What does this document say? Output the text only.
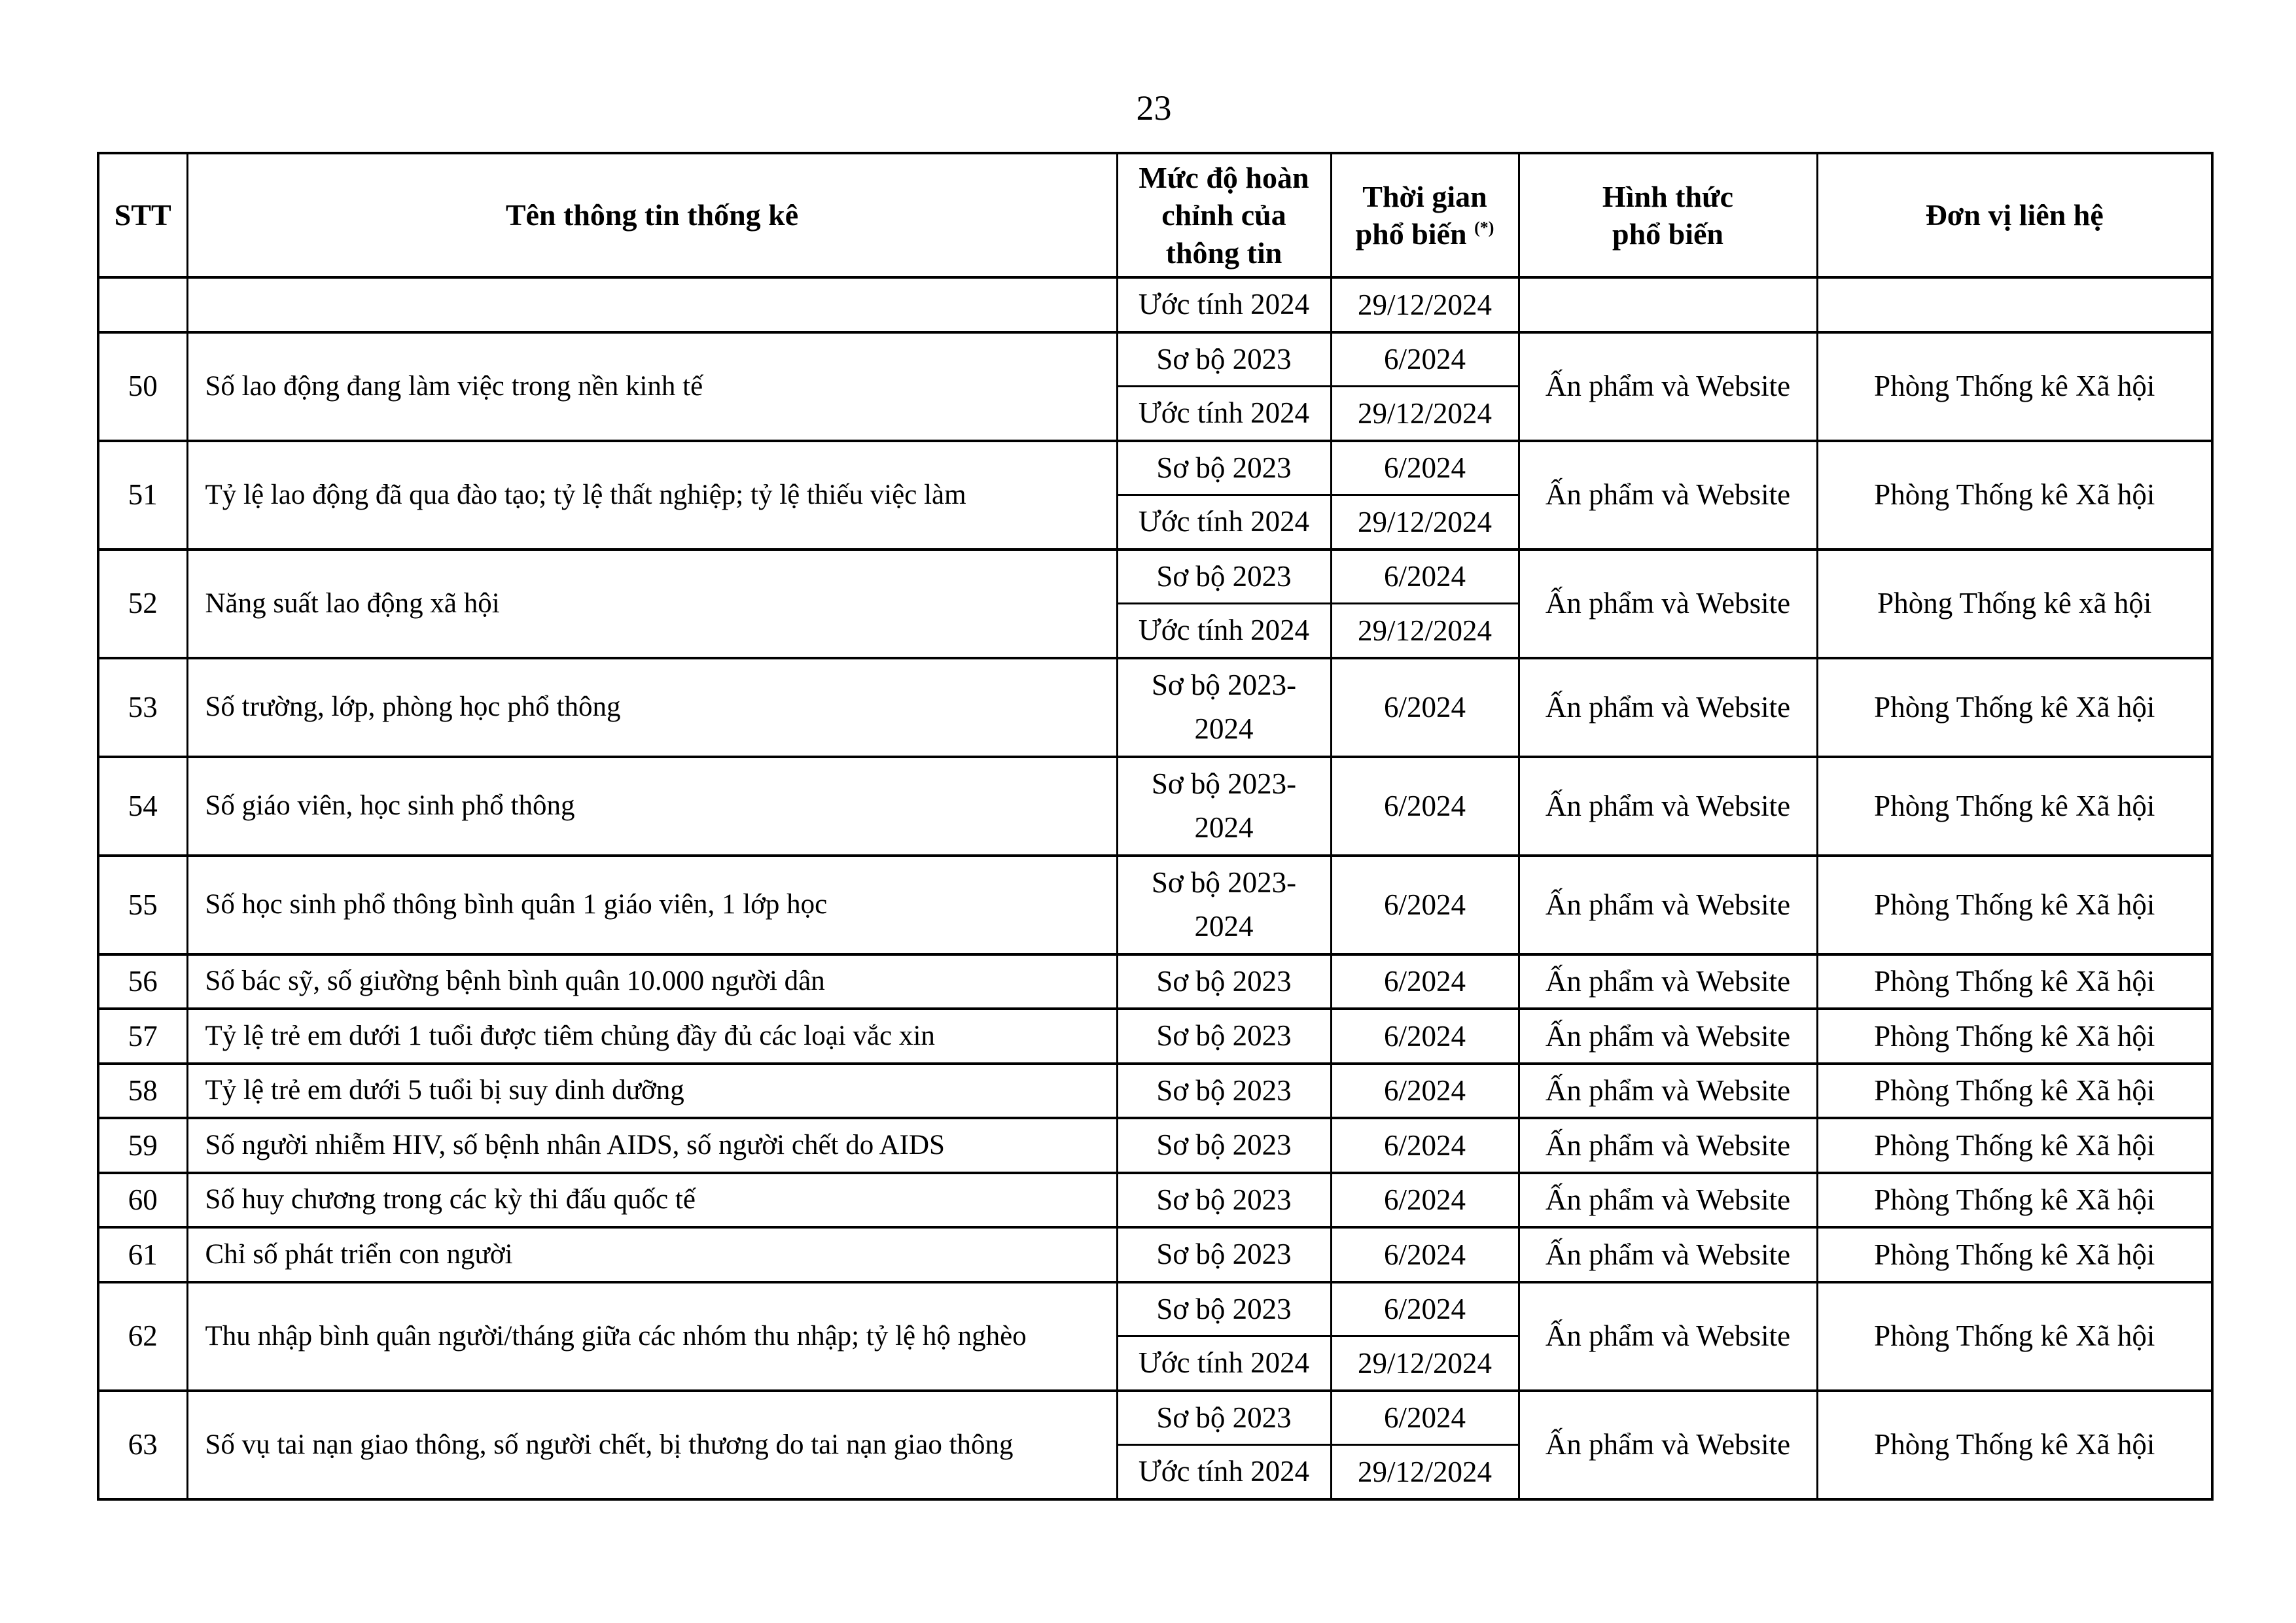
23
STT	Tên thông tin thống kê	Mức độ hoàn chỉnh của thông tin	Thời gian phổ biến (*)	Hình thức phổ biến	Đơn vị liên hệ
		Ước tính 2024	29/12/2024		
50	Số lao động đang làm việc trong nền kinh tế	Sơ bộ 2023	6/2024	Ấn phẩm và Website	Phòng Thống kê Xã hội
		Ước tính 2024	29/12/2024		
51	Tỷ lệ lao động đã qua đào tạo; tỷ lệ thất nghiệp; tỷ lệ thiếu việc làm	Sơ bộ 2023	6/2024	Ấn phẩm và Website	Phòng Thống kê Xã hội
		Ước tính 2024	29/12/2024		
52	Năng suất lao động xã hội	Sơ bộ 2023	6/2024	Ấn phẩm và Website	Phòng Thống kê xã hội
		Ước tính 2024	29/12/2024		
53	Số trường, lớp, phòng học phổ thông	Sơ bộ 2023-2024	6/2024	Ấn phẩm và Website	Phòng Thống kê Xã hội
54	Số giáo viên, học sinh phổ thông	Sơ bộ 2023-2024	6/2024	Ấn phẩm và Website	Phòng Thống kê Xã hội
55	Số học sinh phổ thông bình quân 1 giáo viên, 1 lớp học	Sơ bộ 2023-2024	6/2024	Ấn phẩm và Website	Phòng Thống kê Xã hội
56	Số bác sỹ, số giường bệnh bình quân 10.000 người dân	Sơ bộ 2023	6/2024	Ấn phẩm và Website	Phòng Thống kê Xã hội
57	Tỷ lệ trẻ em dưới 1 tuổi được tiêm chủng đầy đủ các loại vắc xin	Sơ bộ 2023	6/2024	Ấn phẩm và Website	Phòng Thống kê Xã hội
58	Tỷ lệ trẻ em dưới 5 tuổi bị suy dinh dưỡng	Sơ bộ 2023	6/2024	Ấn phẩm và Website	Phòng Thống kê Xã hội
59	Số người nhiễm HIV, số bệnh nhân AIDS, số người chết do AIDS	Sơ bộ 2023	6/2024	Ấn phẩm và Website	Phòng Thống kê Xã hội
60	Số huy chương trong các kỳ thi đấu quốc tế	Sơ bộ 2023	6/2024	Ấn phẩm và Website	Phòng Thống kê Xã hội
61	Chỉ số phát triển con người	Sơ bộ 2023	6/2024	Ấn phẩm và Website	Phòng Thống kê Xã hội
62	Thu nhập bình quân người/tháng giữa các nhóm thu nhập; tỷ lệ hộ nghèo	Sơ bộ 2023	6/2024	Ấn phẩm và Website	Phòng Thống kê Xã hội
		Ước tính 2024	29/12/2024		
63	Số vụ tai nạn giao thông, số người chết, bị thương do tai nạn giao thông	Sơ bộ 2023	6/2024	Ấn phẩm và Website	Phòng Thống kê Xã hội
		Ước tính 2024	29/12/2024		
